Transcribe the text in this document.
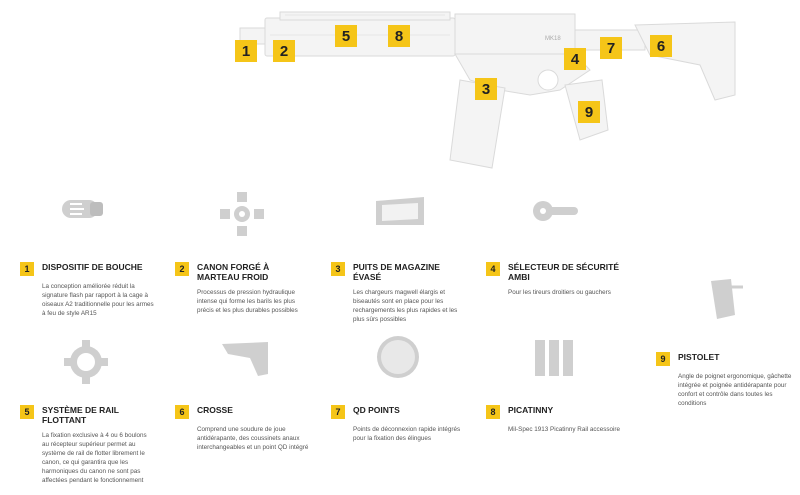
MK18
1	2
5	8
3
4
9
7	6
1	DISPOSITIF DE BOUCHE
La conception améliorée réduit la signature flash par rapport à la cage à oiseaux A2 traditionnelle pour les armes à feu de style AR15
2	CANON FORGÉ À MARTEAU FROID
Processus de pression hydraulique intense qui forme les barils les plus précis et les plus durables possibles
3	PUITS DE MAGAZINE ÉVASÉ
Les chargeurs magwell élargis et biseautés sont en place pour les rechargements les plus rapides et les plus sûrs possibles
4	SÉLECTEUR DE SÉCURITÉ AMBI
Pour les tireurs droitiers ou gauchers
5	SYSTÈME DE RAIL FLOTTANT
La fixation exclusive à 4 ou 6 boulons au récepteur supérieur permet au système de rail de flotter librement le canon, ce qui garantira que les harmoniques du canon ne sont pas affectées pendant le fonctionnement
6	CROSSE
Comprend une soudure de joue antidérapante, des coussinets anaux interchangeables et un point QD intégré
7	QD POINTS
Points de déconnexion rapide intégrés pour la fixation des élingues
8	PICATINNY
Mil-Spec 1913 Picatinny Rail accessoire
9	PISTOLET
Angle de poignet ergonomique, gâchette intégrée et poignée antidérapante pour confort et contrôle dans toutes les conditions
